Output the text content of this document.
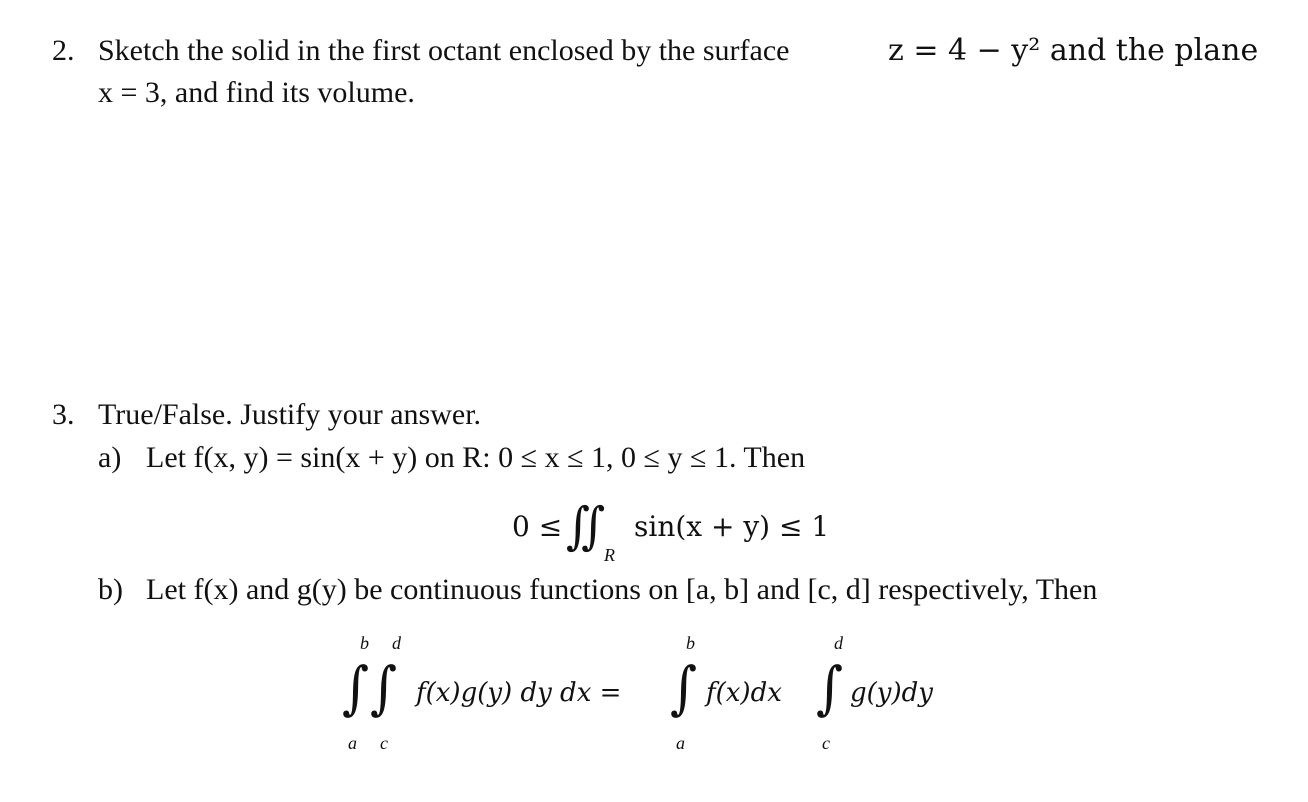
2. Sketch the solid in the first octant enclosed by the surface	z = 4 − y² and the plane
x = 3, and find its volume.
3. True/False. Justify your answer.
a) Let f(x, y) = sin(x + y) on R: 0 ≤ x ≤ 1, 0 ≤ y ≤ 1. Then
0 ≤ ∬
R
sin(x + y) ≤ 1
b) Let f(x) and g(y) be continuous functions on [a, b] and [c, d] respectively, Then
b d
∫ ∫
a c
f(x)g(y) dy dx =
b
∫
a
f(x)dx
d
∫
c
g(y)dy
